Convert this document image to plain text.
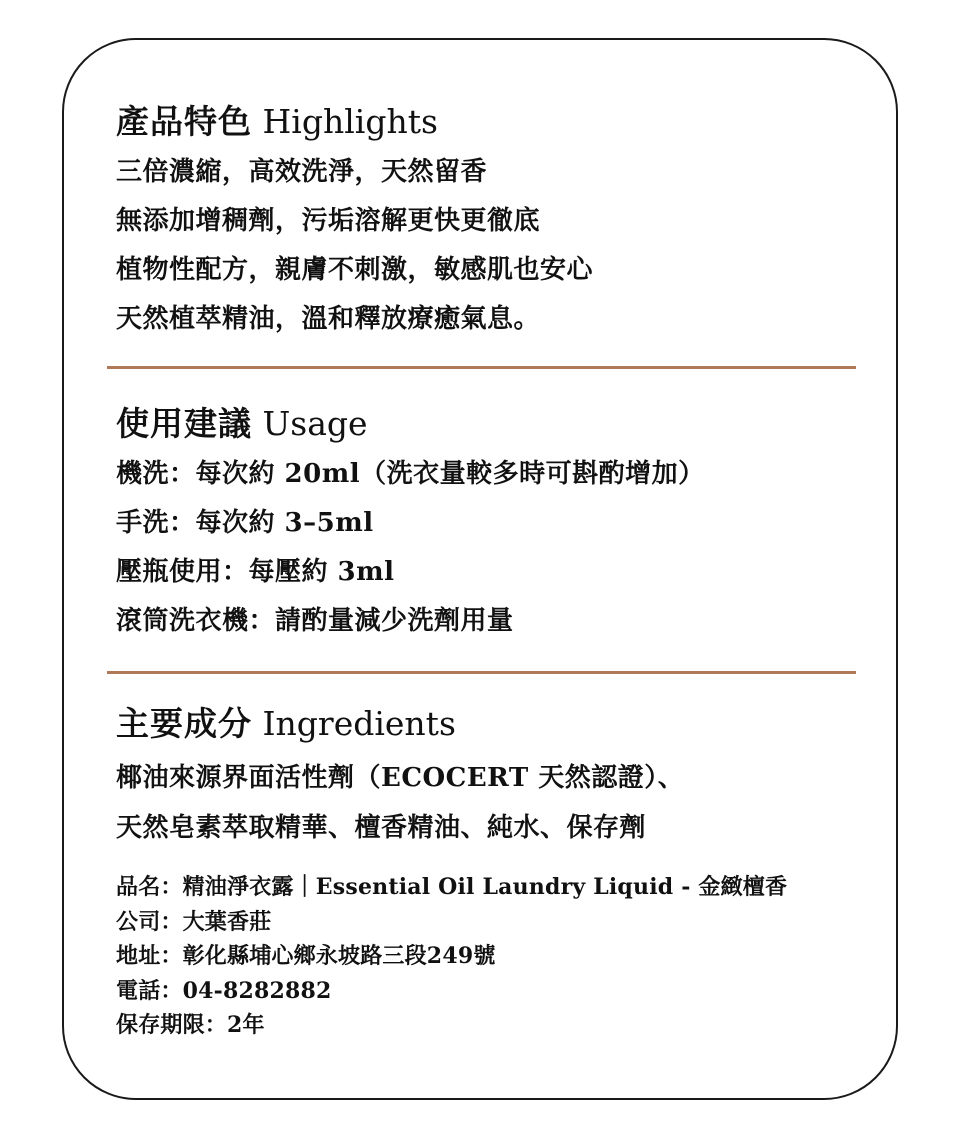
產品特色 Highlights
三倍濃縮，高效洗淨，天然留香
無添加增稠劑，污垢溶解更快更徹底
植物性配方，親膚不刺激，敏感肌也安心
天然植萃精油，溫和釋放療癒氣息。
使用建議 Usage
機洗：每次約 20ml（洗衣量較多時可斟酌增加）
手洗：每次約 3–5ml
壓瓶使用：每壓約 3ml
滾筒洗衣機：請酌量減少洗劑用量
主要成分 Ingredients
椰油來源界面活性劑（ECOCERT 天然認證）、
天然皂素萃取精華、檀香精油、純水、保存劑
品名：精油淨衣露｜Essential Oil Laundry Liquid - 金緻檀香
公司：大葉香莊
地址：彰化縣埔心鄉永坡路三段249號
電話：04-8282882
保存期限：2年
